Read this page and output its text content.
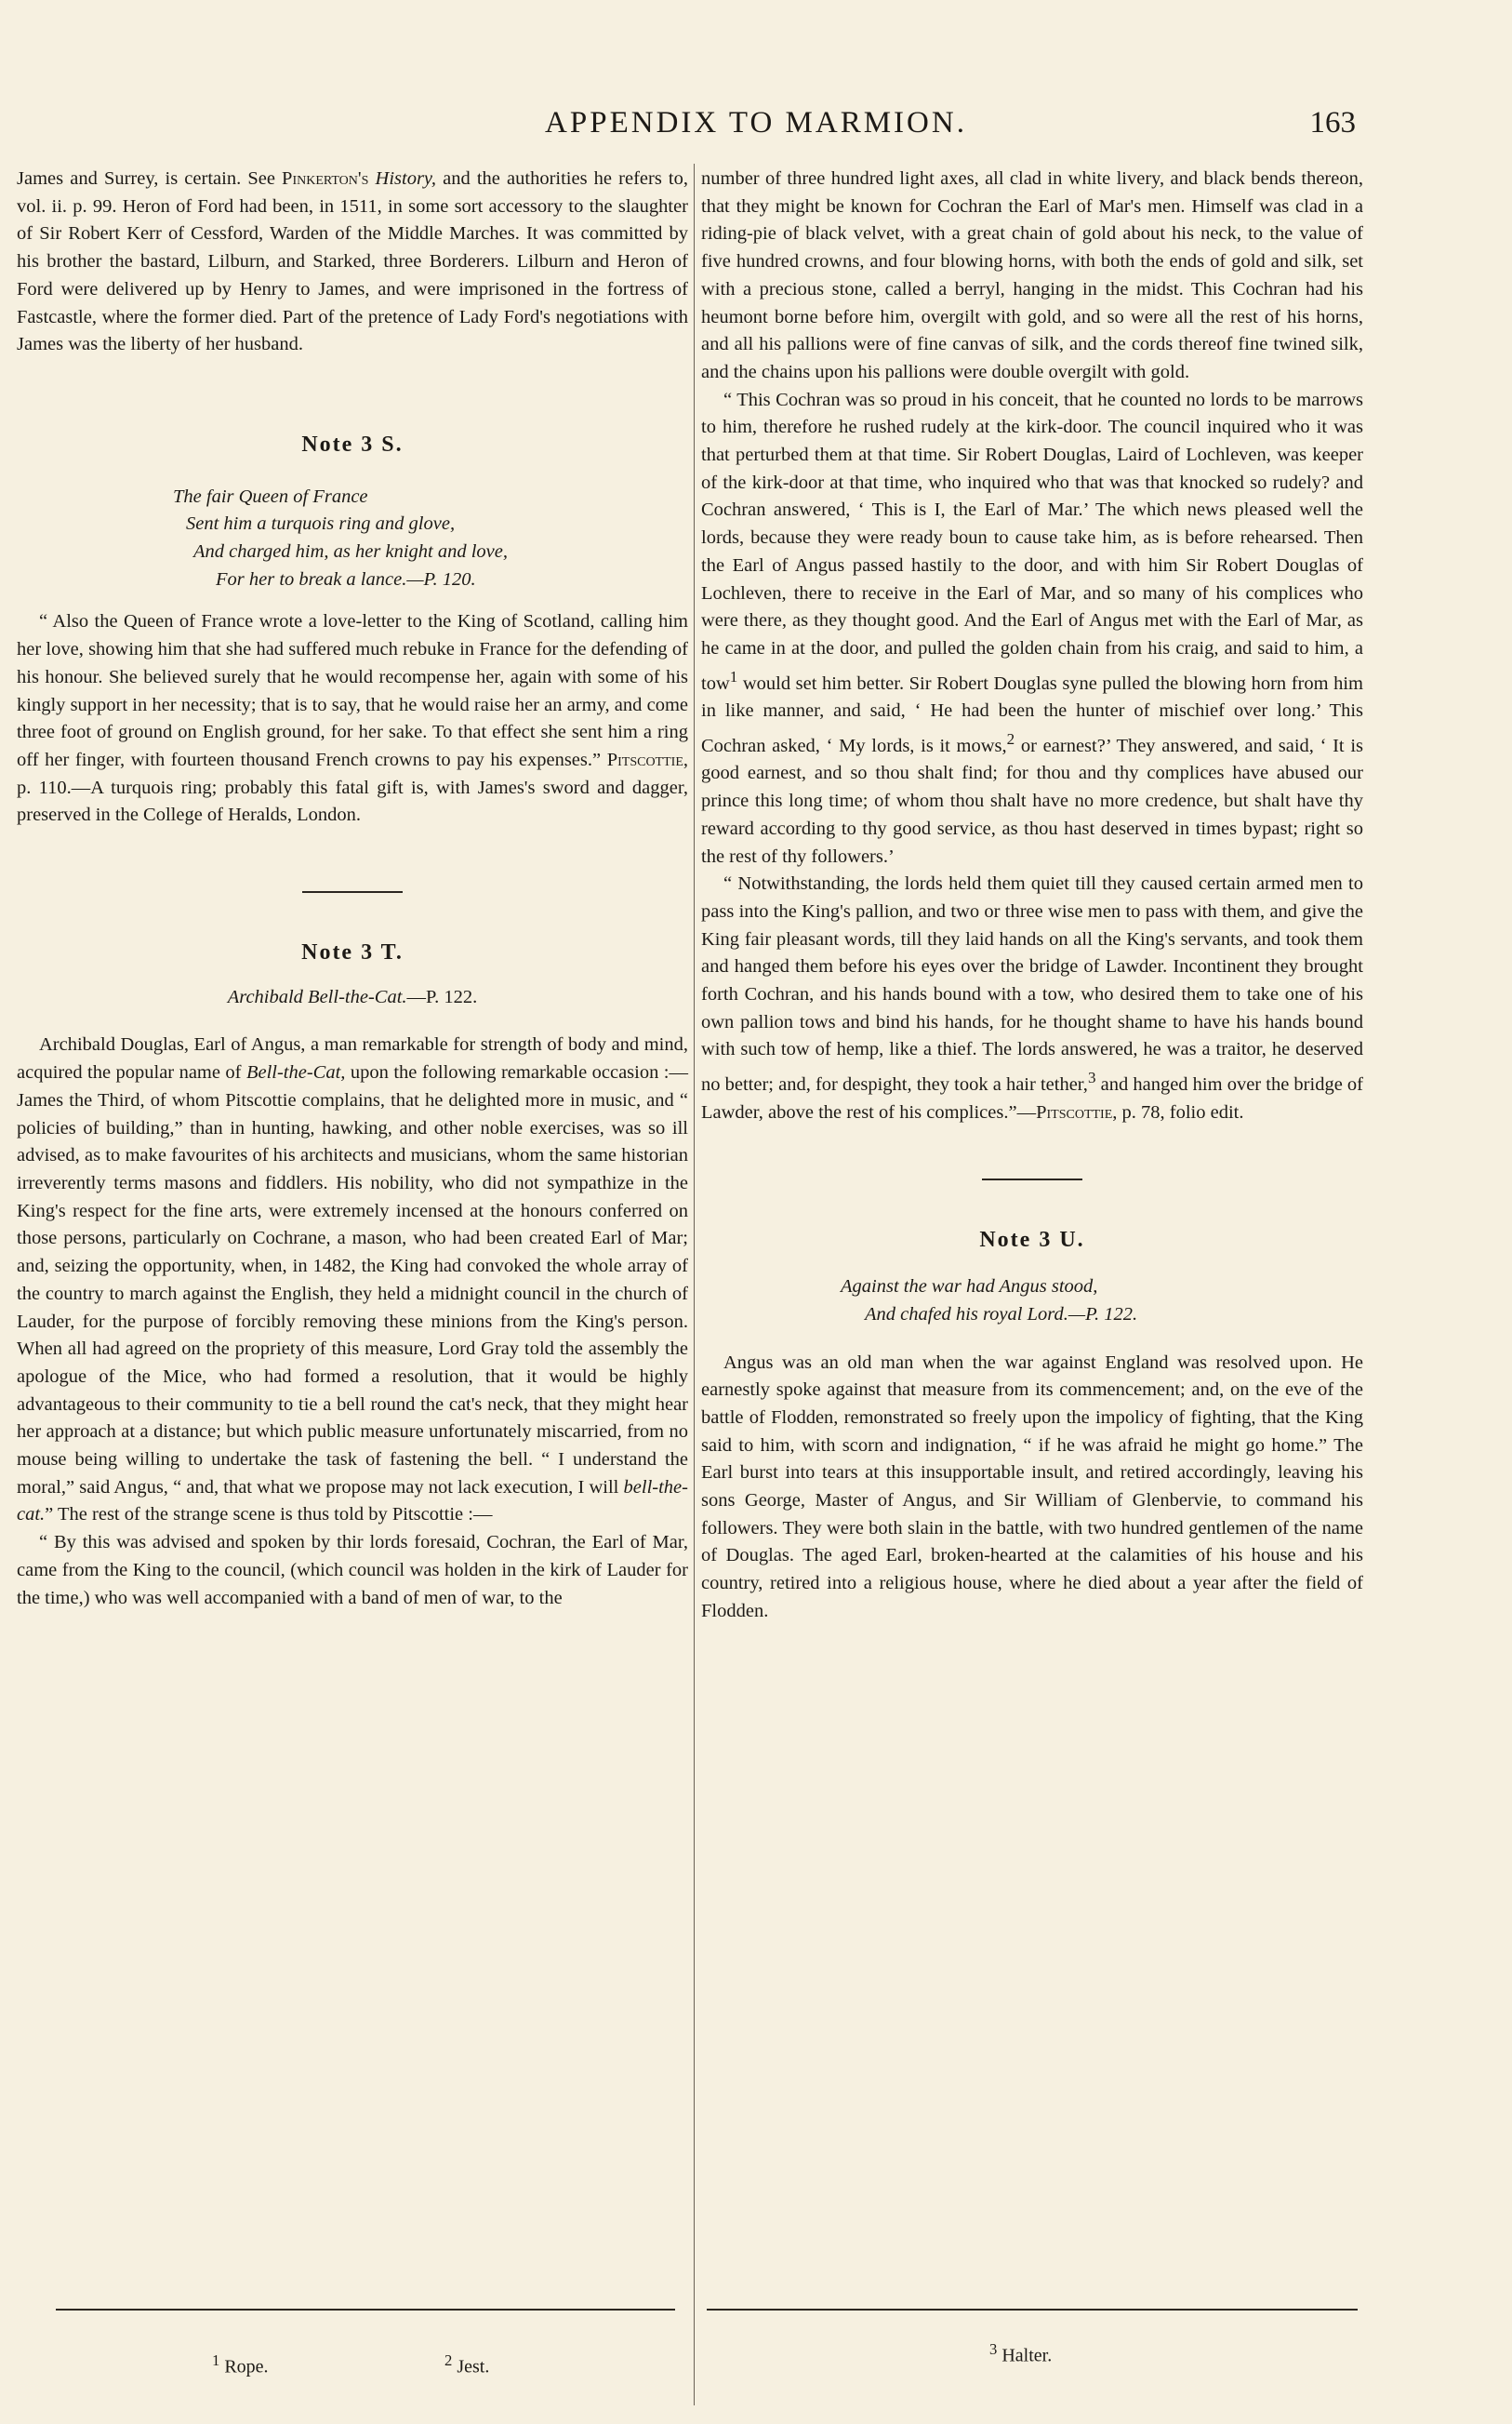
APPENDIX TO MARMION.	163

James and Surrey, is certain. See Pinkerton's History, and the authorities he refers to, vol. ii. p. 99. Heron of Ford had been, in 1511, in some sort accessory to the slaughter of Sir Robert Kerr of Cessford, Warden of the Middle Marches. It was committed by his brother the bastard, Lilburn, and Starked, three Borderers. Lilburn and Heron of Ford were delivered up by Henry to James, and were imprisoned in the fortress of Fastcastle, where the former died. Part of the pretence of Lady Ford's negotiations with James was the liberty of her husband.

Note 3 S.
The fair Queen of France
Sent him a turquois ring and glove,
And charged him, as her knight and love,
For her to break a lance.—P. 120.

“ Also the Queen of France wrote a love-letter to the King of Scotland, calling him her love, showing him that she had suffered much rebuke in France for the defending of his honour. She believed surely that he would recompense her, again with some of his kingly support in her necessity; that is to say, that he would raise her an army, and come three foot of ground on English ground, for her sake. To that effect she sent him a ring off her finger, with fourteen thousand French crowns to pay his expenses.” Pitscottie, p. 110.—A turquois ring; probably this fatal gift is, with James's sword and dagger, preserved in the College of Heralds, London.

Note 3 T.
Archibald Bell-the-Cat.—P. 122.

Archibald Douglas, Earl of Angus, a man remarkable for strength of body and mind, acquired the popular name of Bell-the-Cat, upon the following remarkable occasion :—James the Third, of whom Pitscottie complains, that he delighted more in music, and “ policies of building,” than in hunting, hawking, and other noble exercises, was so ill advised, as to make favourites of his architects and musicians, whom the same historian irreverently terms masons and fiddlers. His nobility, who did not sympathize in the King's respect for the fine arts, were extremely incensed at the honours conferred on those persons, particularly on Cochrane, a mason, who had been created Earl of Mar; and, seizing the opportunity, when, in 1482, the King had convoked the whole array of the country to march against the English, they held a midnight council in the church of Lauder, for the purpose of forcibly removing these minions from the King's person. When all had agreed on the propriety of this measure, Lord Gray told the assembly the apologue of the Mice, who had formed a resolution, that it would be highly advantageous to their community to tie a bell round the cat's neck, that they might hear her approach at a distance; but which public measure unfortunately miscarried, from no mouse being willing to undertake the task of fastening the bell. “ I understand the moral,” said Angus, “ and, that what we propose may not lack execution, I will bell-the-cat.” The rest of the strange scene is thus told by Pitscottie :—

“ By this was advised and spoken by thir lords foresaid, Cochran, the Earl of Mar, came from the King to the council, (which council was holden in the kirk of Lauder for the time,) who was well accompanied with a band of men of war, to the

number of three hundred light axes, all clad in white livery, and black bends thereon, that they might be known for Cochran the Earl of Mar's men. Himself was clad in a riding-pie of black velvet, with a great chain of gold about his neck, to the value of five hundred crowns, and four blowing horns, with both the ends of gold and silk, set with a precious stone, called a berryl, hanging in the midst. This Cochran had his heumont borne before him, overgilt with gold, and so were all the rest of his horns, and all his pallions were of fine canvas of silk, and the cords thereof fine twined silk, and the chains upon his pallions were double overgilt with gold.

“ This Cochran was so proud in his conceit, that he counted no lords to be marrows to him, therefore he rushed rudely at the kirk-door. The council inquired who it was that perturbed them at that time. Sir Robert Douglas, Laird of Lochleven, was keeper of the kirk-door at that time, who inquired who that was that knocked so rudely? and Cochran answered, ‘ This is I, the Earl of Mar.’ The which news pleased well the lords, because they were ready boun to cause take him, as is before rehearsed. Then the Earl of Angus passed hastily to the door, and with him Sir Robert Douglas of Lochleven, there to receive in the Earl of Mar, and so many of his complices who were there, as they thought good. And the Earl of Angus met with the Earl of Mar, as he came in at the door, and pulled the golden chain from his craig, and said to him, a tow$^1$ would set him better. Sir Robert Douglas syne pulled the blowing horn from him in like manner, and said, ‘ He had been the hunter of mischief over long.’ This Cochran asked, ‘ My lords, is it mows,$^2$ or earnest?’ They answered, and said, ‘ It is good earnest, and so thou shalt find; for thou and thy complices have abused our prince this long time; of whom thou shalt have no more credence, but shalt have thy reward according to thy good service, as thou hast deserved in times bypast; right so the rest of thy followers.’

“ Notwithstanding, the lords held them quiet till they caused certain armed men to pass into the King's pallion, and two or three wise men to pass with them, and give the King fair pleasant words, till they laid hands on all the King's servants, and took them and hanged them before his eyes over the bridge of Lawder. Incontinent they brought forth Cochran, and his hands bound with a tow, who desired them to take one of his own pallion tows and bind his hands, for he thought shame to have his hands bound with such tow of hemp, like a thief. The lords answered, he was a traitor, he deserved no better; and, for despight, they took a hair tether,$^3$ and hanged him over the bridge of Lawder, above the rest of his complices.”—Pitscottie, p. 78, folio edit.

Note 3 U.
Against the war had Angus stood,
And chafed his royal Lord.—P. 122.

Angus was an old man when the war against England was resolved upon. He earnestly spoke against that measure from its commencement; and, on the eve of the battle of Flodden, remonstrated so freely upon the impolicy of fighting, that the King said to him, with scorn and indignation, “ if he was afraid he might go home.” The Earl burst into tears at this insupportable insult, and retired accordingly, leaving his sons George, Master of Angus, and Sir William of Glenbervie, to command his followers. They were both slain in the battle, with two hundred gentlemen of the name of Douglas. The aged Earl, broken-hearted at the calamities of his house and his country, retired into a religious house, where he died about a year after the field of Flodden.

$^1$ Rope.	$^2$ Jest.
$^3$ Halter.
